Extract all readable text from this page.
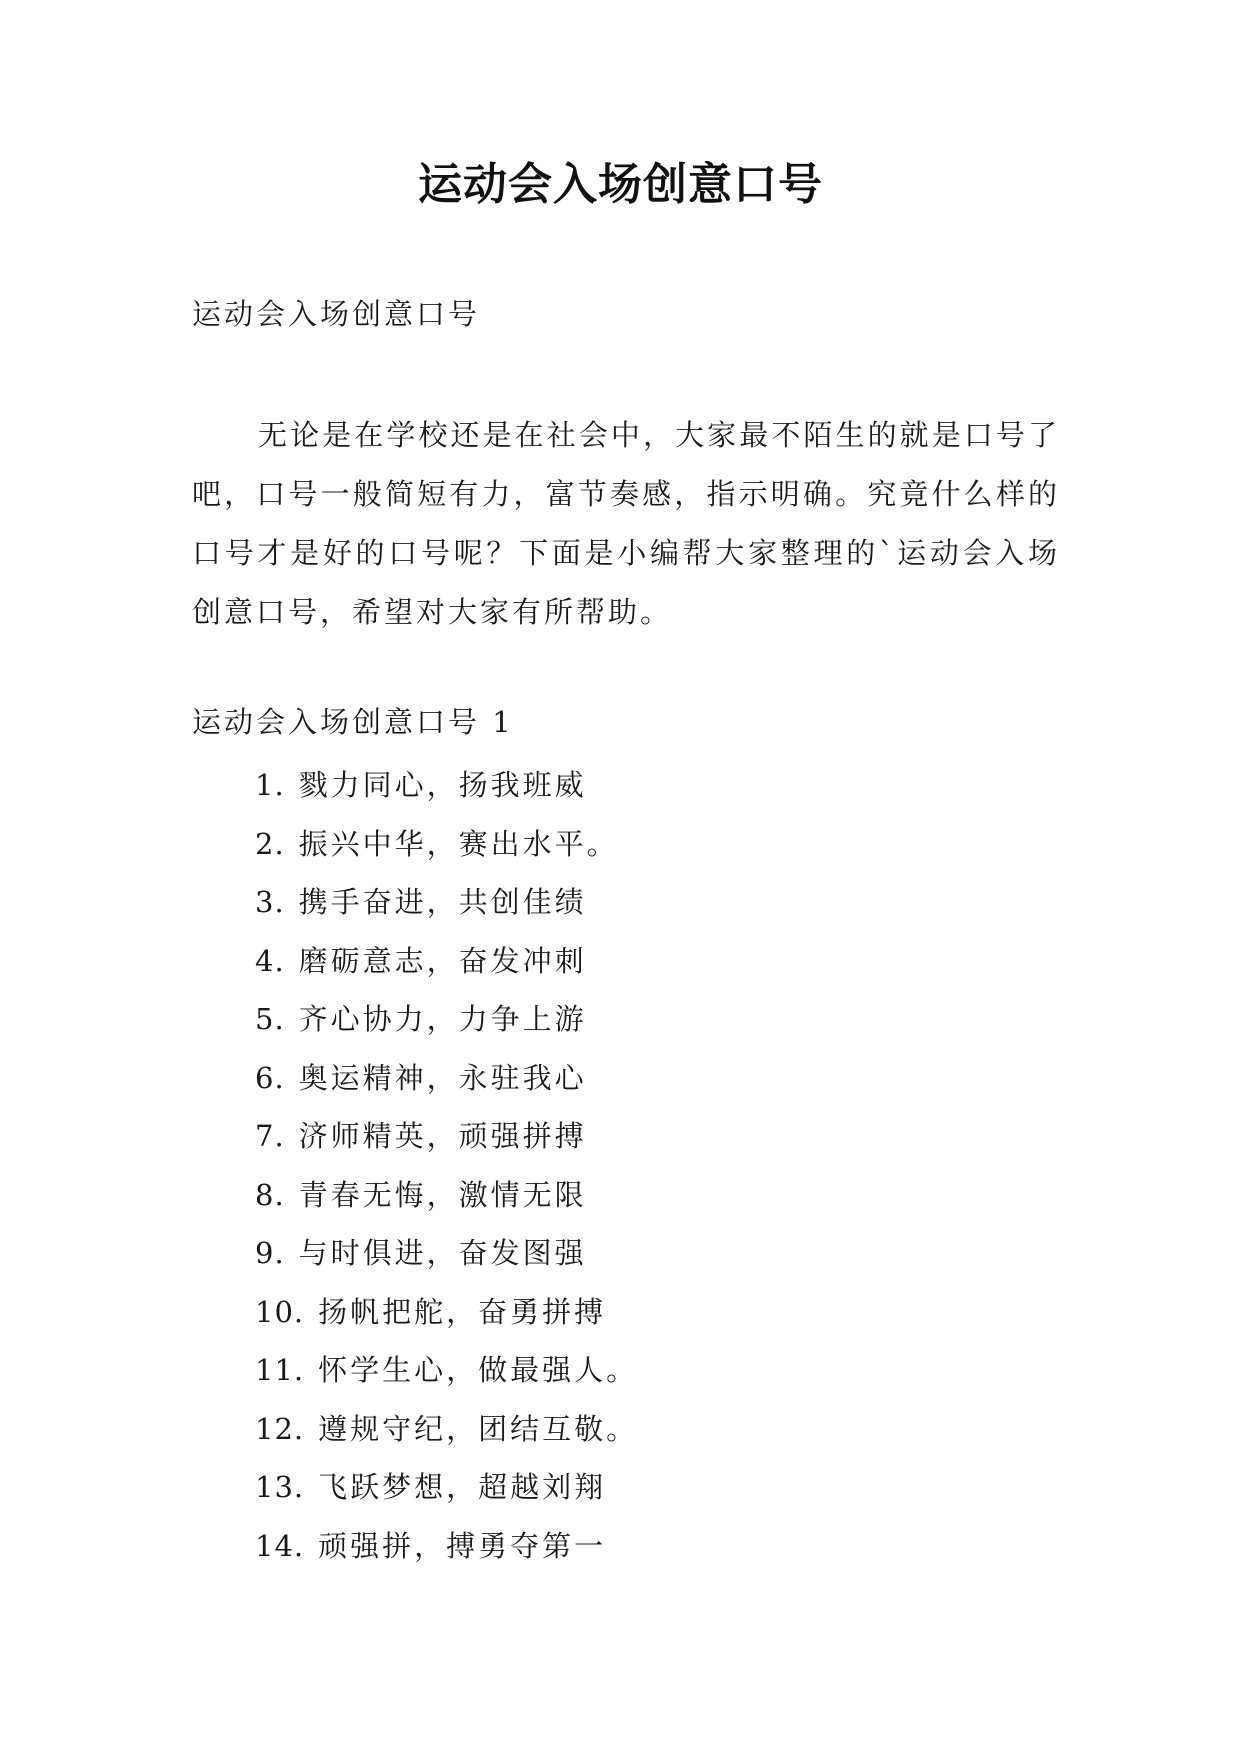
运动会入场创意口号

运动会入场创意口号

无论是在学校还是在社会中，大家最不陌生的就是口号了吧，口号一般简短有力，富节奏感，指示明确。究竟什么样的口号才是好的口号呢？下面是小编帮大家整理的`运动会入场创意口号，希望对大家有所帮助。

运动会入场创意口号 1

1. 戮力同心，扬我班威
2. 振兴中华，赛出水平。
3. 携手奋进，共创佳绩
4. 磨砺意志，奋发冲刺
5. 齐心协力，力争上游
6. 奥运精神，永驻我心
7. 济师精英，顽强拼搏
8. 青春无悔，激情无限
9. 与时俱进，奋发图强
10. 扬帆把舵，奋勇拼搏
11. 怀学生心，做最强人。
12. 遵规守纪，团结互敬。
13. 飞跃梦想，超越刘翔
14. 顽强拼，搏勇夺第一
